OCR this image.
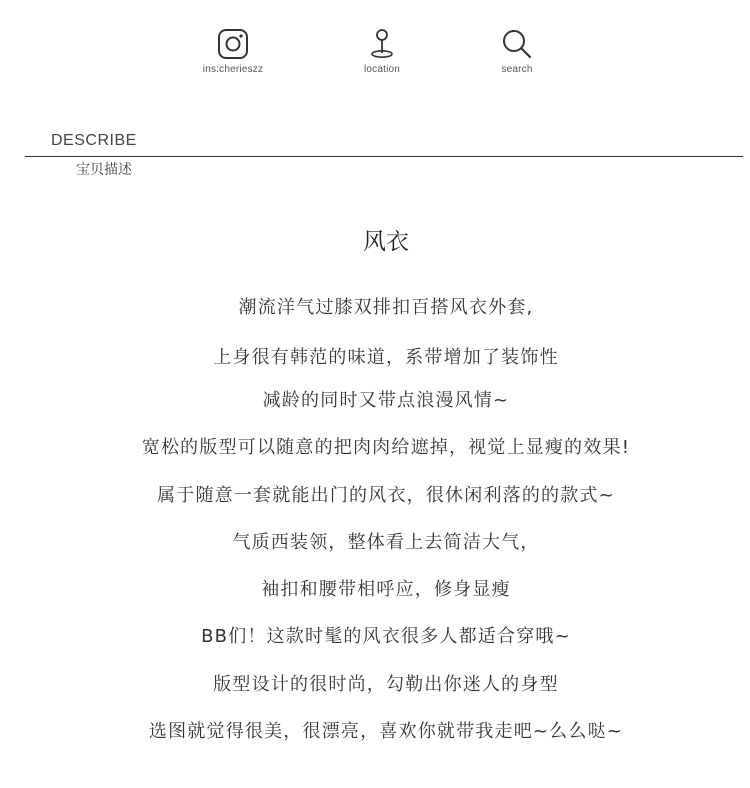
ins:cherieszz	location	search
DESCRIBE
宝贝描述
风衣
潮流洋气过膝双排扣百搭风衣外套,
上身很有韩范的味道，系带增加了装饰性
减龄的同时又带点浪漫风情~
宽松的版型可以随意的把肉肉给遮掉，视觉上显瘦的效果!
属于随意一套就能出门的风衣，很休闲利落的的款式~
气质西装领，整体看上去简洁大气，
袖扣和腰带相呼应，修身显瘦
BB们！这款时髦的风衣很多人都适合穿哦~
版型设计的很时尚，勾勒出你迷人的身型
选图就觉得很美，很漂亮，喜欢你就带我走吧~么么哒~
